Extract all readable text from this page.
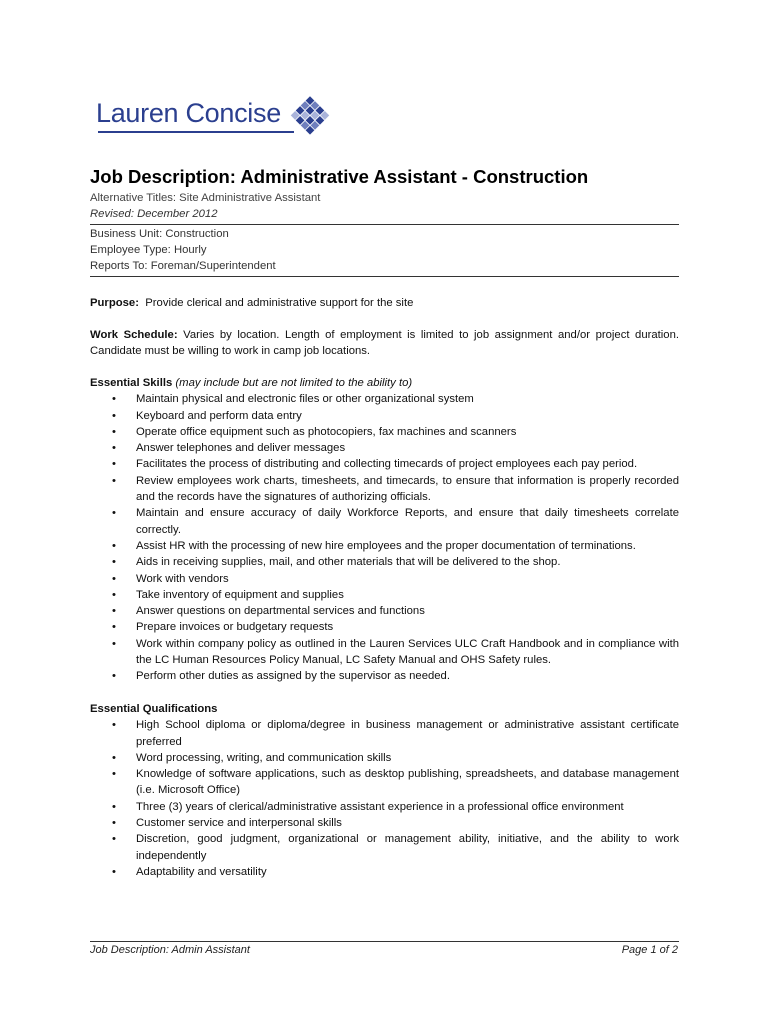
Lauren Concise
Job Description: Administrative Assistant - Construction
Alternative Titles: Site Administrative Assistant
Revised: December 2012
Business Unit: Construction
Employee Type: Hourly
Reports To: Foreman/Superintendent
Purpose: Provide clerical and administrative support for the site
Work Schedule: Varies by location. Length of employment is limited to job assignment and/or project duration. Candidate must be willing to work in camp job locations.
Essential Skills (may include but are not limited to the ability to)
• Maintain physical and electronic files or other organizational system
• Keyboard and perform data entry
• Operate office equipment such as photocopiers, fax machines and scanners
• Answer telephones and deliver messages
• Facilitates the process of distributing and collecting timecards of project employees each pay period.
• Review employees work charts, timesheets, and timecards, to ensure that information is properly recorded and the records have the signatures of authorizing officials.
• Maintain and ensure accuracy of daily Workforce Reports, and ensure that daily timesheets correlate correctly.
• Assist HR with the processing of new hire employees and the proper documentation of terminations.
• Aids in receiving supplies, mail, and other materials that will be delivered to the shop.
• Work with vendors
• Take inventory of equipment and supplies
• Answer questions on departmental services and functions
• Prepare invoices or budgetary requests
• Work within company policy as outlined in the Lauren Services ULC Craft Handbook and in compliance with the LC Human Resources Policy Manual, LC Safety Manual and OHS Safety rules.
• Perform other duties as assigned by the supervisor as needed.
Essential Qualifications
• High School diploma or diploma/degree in business management or administrative assistant certificate preferred
• Word processing, writing, and communication skills
• Knowledge of software applications, such as desktop publishing, spreadsheets, and database management (i.e. Microsoft Office)
• Three (3) years of clerical/administrative assistant experience in a professional office environment
• Customer service and interpersonal skills
• Discretion, good judgment, organizational or management ability, initiative, and the ability to work independently
• Adaptability and versatility
Job Description: Admin Assistant	Page 1 of 2
